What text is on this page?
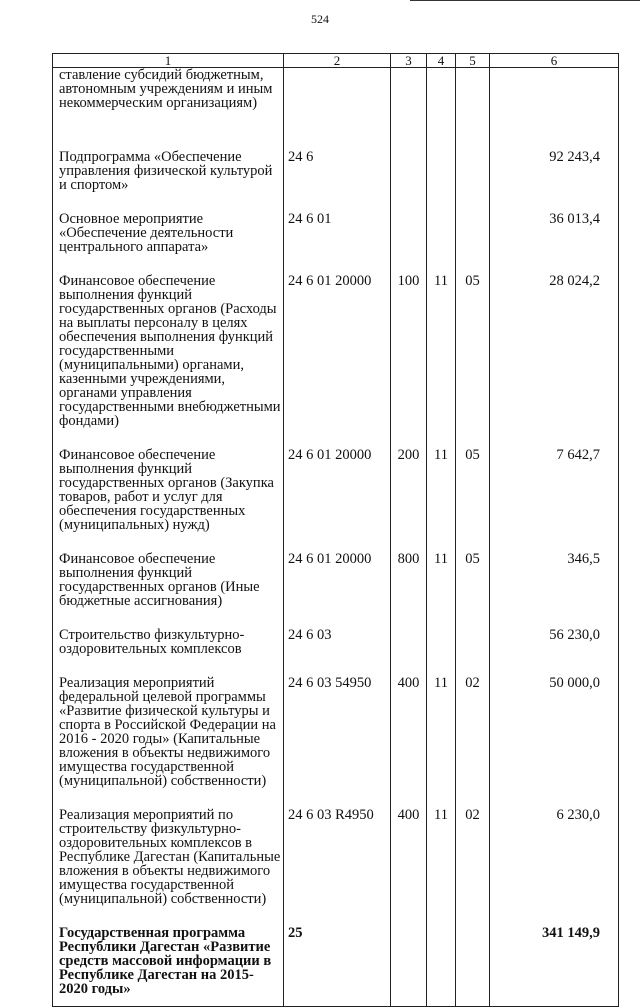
524
1	2	3	4	5	6
ставление субсидий бюджетным, автономным учреждениям и иным некоммерческим организациям)					
Подпрограмма «Обеспечение управления физической культурой и спортом»	24 6				92 243,4
Основное мероприятие «Обеспечение деятельности центрального аппарата»	24 6 01				36 013,4
Финансовое обеспечение выполнения функций государственных органов (Расходы на выплаты персоналу в целях обеспечения выполнения функций государственными (муниципальными) органами, казенными учреждениями, органами управления государственными внебюджетными фондами)	24 6 01 20000	100	11	05	28 024,2
Финансовое обеспечение выполнения функций государственных органов (Закупка товаров, работ и услуг для обеспечения государственных (муниципальных) нужд)	24 6 01 20000	200	11	05	7 642,7
Финансовое обеспечение выполнения функций государственных органов (Иные бюджетные ассигнования)	24 6 01 20000	800	11	05	346,5
Строительство физкультурно-оздоровительных комплексов	24 6 03				56 230,0
Реализация мероприятий федеральной целевой программы «Развитие физической культуры и спорта в Российской Федерации на 2016 - 2020 годы» (Капитальные вложения в объекты недвижимого имущества государственной (муниципальной) собственности)	24 6 03 54950	400	11	02	50 000,0
Реализация мероприятий по строительству физкультурно-оздоровительных комплексов в Республике Дагестан (Капитальные вложения в объекты недвижимого имущества государственной (муниципальной) собственности)	24 6 03 R4950	400	11	02	6 230,0
Государственная программа Республики Дагестан «Развитие средств массовой информации в Республике Дагестан на 2015-2020 годы»	25				341 149,9
